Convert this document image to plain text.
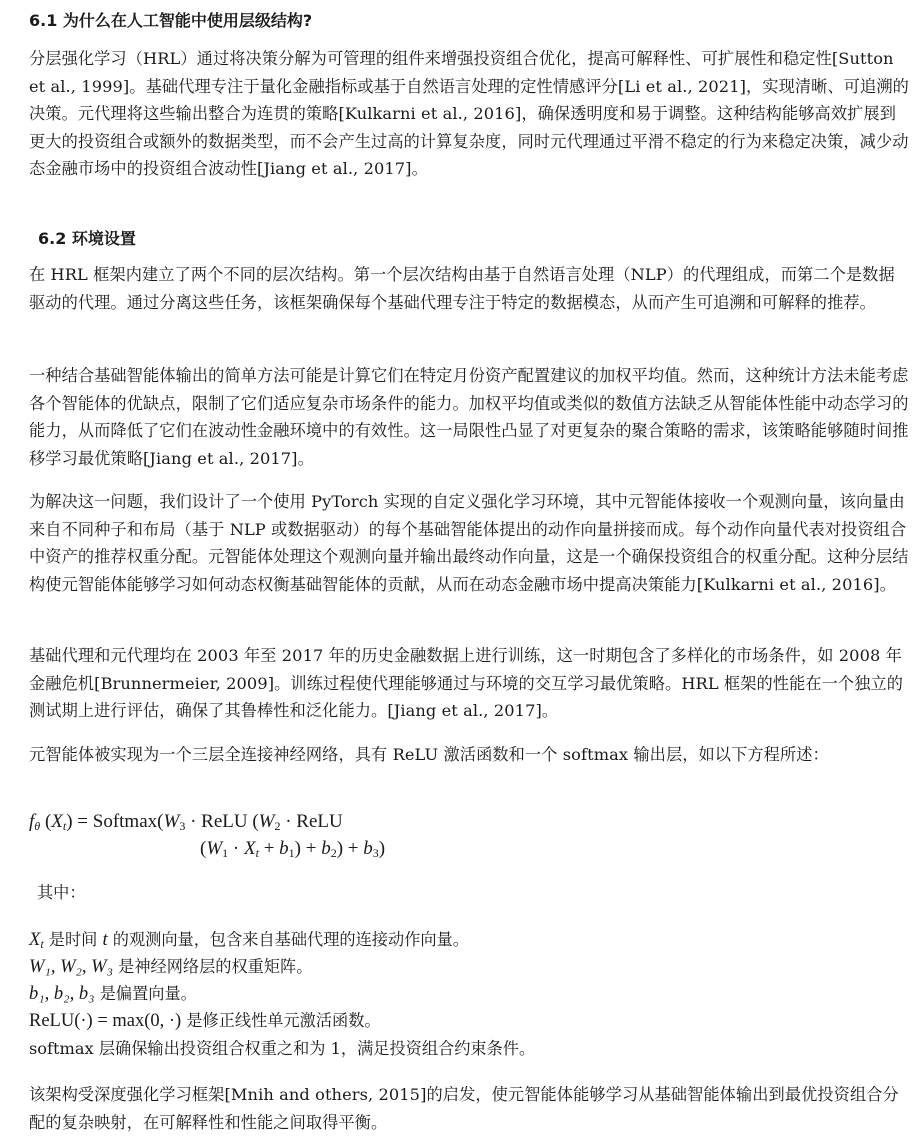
6.1 为什么在人工智能中使用层级结构?

分层强化学习（HRL）通过将决策分解为可管理的组件来增强投资组合优化，提高可解释性、可扩展性和稳定性[Sutton et al., 1999]。基础代理专注于量化金融指标或基于自然语言处理的定性情感评分[Li et al., 2021]，实现清晰、可追溯的决策。元代理将这些输出整合为连贯的策略[Kulkarni et al., 2016]，确保透明度和易于调整。这种结构能够高效扩展到更大的投资组合或额外的数据类型，而不会产生过高的计算复杂度，同时元代理通过平滑不稳定的行为来稳定决策，减少动态金融市场中的投资组合波动性[Jiang et al., 2017]。

6.2 环境设置

在 HRL 框架内建立了两个不同的层次结构。第一个层次结构由基于自然语言处理（NLP）的代理组成，而第二个是数据驱动的代理。通过分离这些任务，该框架确保每个基础代理专注于特定的数据模态，从而产生可追溯和可解释的推荐。

一种结合基础智能体输出的简单方法可能是计算它们在特定月份资产配置建议的加权平均值。然而，这种统计方法未能考虑各个智能体的优缺点，限制了它们适应复杂市场条件的能力。加权平均值或类似的数值方法缺乏从智能体性能中动态学习的能力，从而降低了它们在波动性金融环境中的有效性。这一局限性凸显了对更复杂的聚合策略的需求，该策略能够随时间推移学习最优策略[Jiang et al., 2017]。

为解决这一问题，我们设计了一个使用 PyTorch 实现的自定义强化学习环境，其中元智能体接收一个观测向量，该向量由来自不同种子和布局（基于 NLP 或数据驱动）的每个基础智能体提出的动作向量拼接而成。每个动作向量代表对投资组合中资产的推荐权重分配。元智能体处理这个观测向量并输出最终动作向量，这是一个确保投资组合的权重分配。这种分层结构使元智能体能够学习如何动态权衡基础智能体的贡献，从而在动态金融市场中提高决策能力[Kulkarni et al., 2016]。

基础代理和元代理均在 2003 年至 2017 年的历史金融数据上进行训练，这一时期包含了多样化的市场条件，如 2008 年金融危机[Brunnermeier, 2009]。训练过程使代理能够通过与环境的交互学习最优策略。HRL 框架的性能在一个独立的测试期上进行评估，确保了其鲁棒性和泛化能力。[Jiang et al., 2017]。

元智能体被实现为一个三层全连接神经网络，具有 ReLU 激活函数和一个 softmax 输出层，如以下方程所述：

$f_\theta$ $(X_t)$ = $Softmax(W_3$ · ReLU ($W_2$ · ReLU
$(W_1 \cdot X_t + b_1) + b_2) + b_3$)
其中：
$X_t$ 是时间 t 的观测向量，包含来自基础代理的连接动作向量。
W₁, W₂, W₃ 是神经网络层的权重矩阵。
b₁, b₂, b₃ 是偏置向量。
ReLU(·) = max(0, ·) 是修正线性单元激活函数。
softmax 层确保输出投资组合权重之和为 1，满足投资组合约束条件。

该架构受深度强化学习框架[Mnih and others, 2015]的启发，使元智能体能够学习从基础智能体输出到最优投资组合分配的复杂映射，在可解释性和性能之间取得平衡。
